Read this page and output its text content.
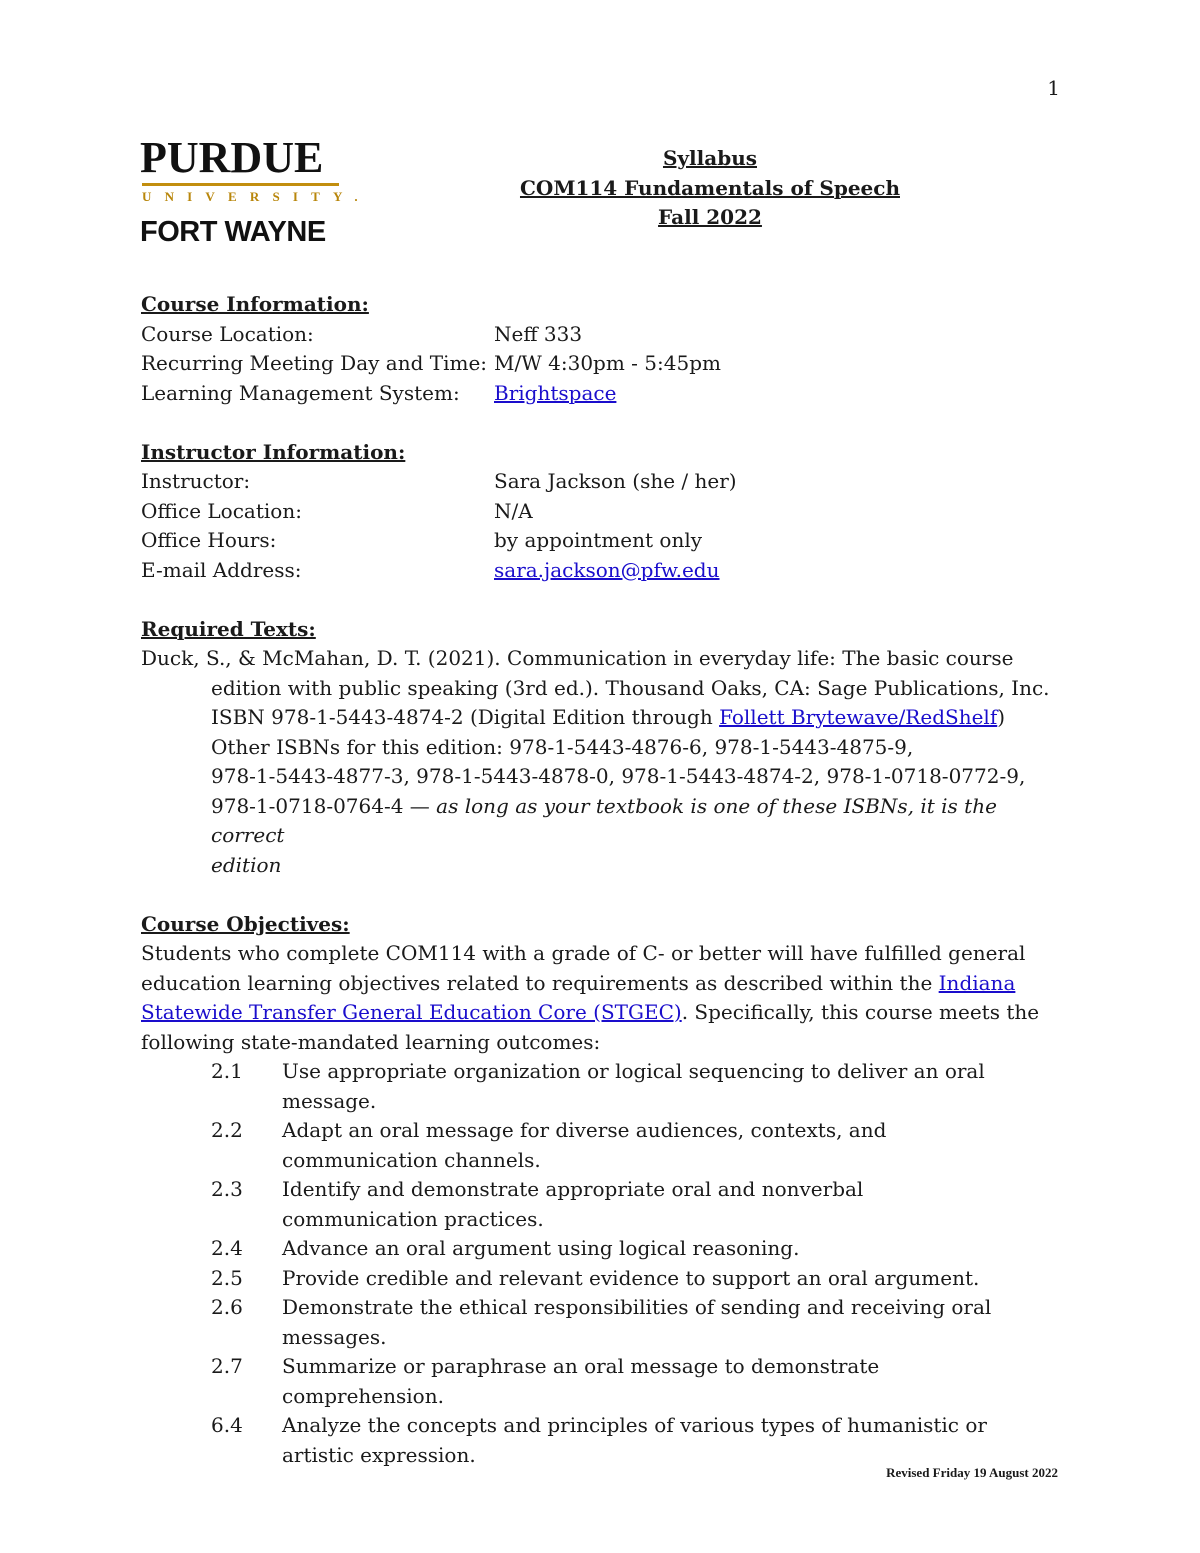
1
PURDUE
UNIVERSITY.
FORT WAYNE
Syllabus
COM114 Fundamentals of Speech
Fall 2022
Course Information:
Course Location:	Neff 333
Recurring Meeting Day and Time: M/W 4:30pm - 5:45pm
Learning Management System:	Brightspace
Instructor Information:
Instructor:	Sara Jackson (she / her)
Office Location:	N/A
Office Hours:	by appointment only
E-mail Address:	sara.jackson@pfw.edu
Required Texts:
Duck, S., & McMahan, D. T. (2021). Communication in everyday life: The basic course edition with public speaking (3rd ed.). Thousand Oaks, CA: Sage Publications, Inc.
ISBN 978-1-5443-4874-2 (Digital Edition through Follett Brytewave/RedShelf)
Other ISBNs for this edition: 978-1-5443-4876-6, 978-1-5443-4875-9,
978-1-5443-4877-3, 978-1-5443-4878-0, 978-1-5443-4874-2, 978-1-0718-0772-9,
978-1-0718-0764-4 — as long as your textbook is one of these ISBNs, it is the correct
edition
Course Objectives:
Students who complete COM114 with a grade of C- or better will have fulfilled general education learning objectives related to requirements as described within the Indiana Statewide Transfer General Education Core (STGEC). Specifically, this course meets the following state-mandated learning outcomes:
2.1	Use appropriate organization or logical sequencing to deliver an oral message.
2.2	Adapt an oral message for diverse audiences, contexts, and communication channels.
2.3	Identify and demonstrate appropriate oral and nonverbal communication practices.
2.4	Advance an oral argument using logical reasoning.
2.5	Provide credible and relevant evidence to support an oral argument.
2.6	Demonstrate the ethical responsibilities of sending and receiving oral messages.
2.7	Summarize or paraphrase an oral message to demonstrate comprehension.
6.4	Analyze the concepts and principles of various types of humanistic or artistic expression.
Revised Friday 19 August 2022
